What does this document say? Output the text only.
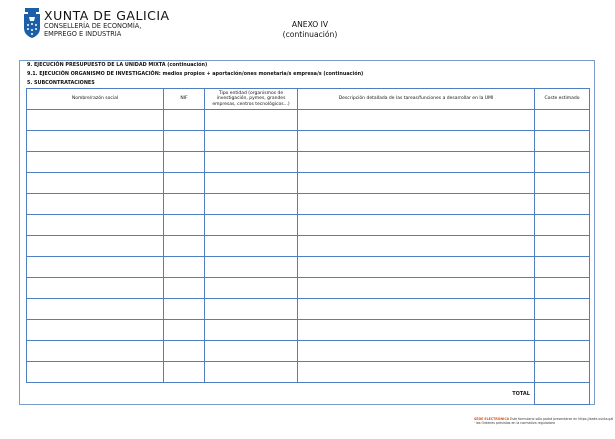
XUNTA DE GALICIA
CONSELLERÍA DE ECONOMÍA,
EMPREGO E INDUSTRIA
ANEXO IV
(continuación)
9. EJECUCIÓN PRESUPUESTO DE LA UNIDAD MIXTA (continuación)
9.1. EJECUCIÓN ORGANISMO DE INVESTIGACIÓN: medios propios + aportación/ones monetaria/s empresa/s (continuación)
5. SUBCONTRATACIONES
Nombre/razón social	NIF	Tipo entidad (organismos de investigación, pymes, grandes empresas, centros tecnológicos...)	Descripción detallada de las tareas/funciones a desarrollar en la UMI	Coste estimado

TOTAL				
SEDE ELECTRÓNICA Este formulario sólo podrá presentarse en https://sede.xunta.gal · las Ordenes previstas en la normativa reguladora
